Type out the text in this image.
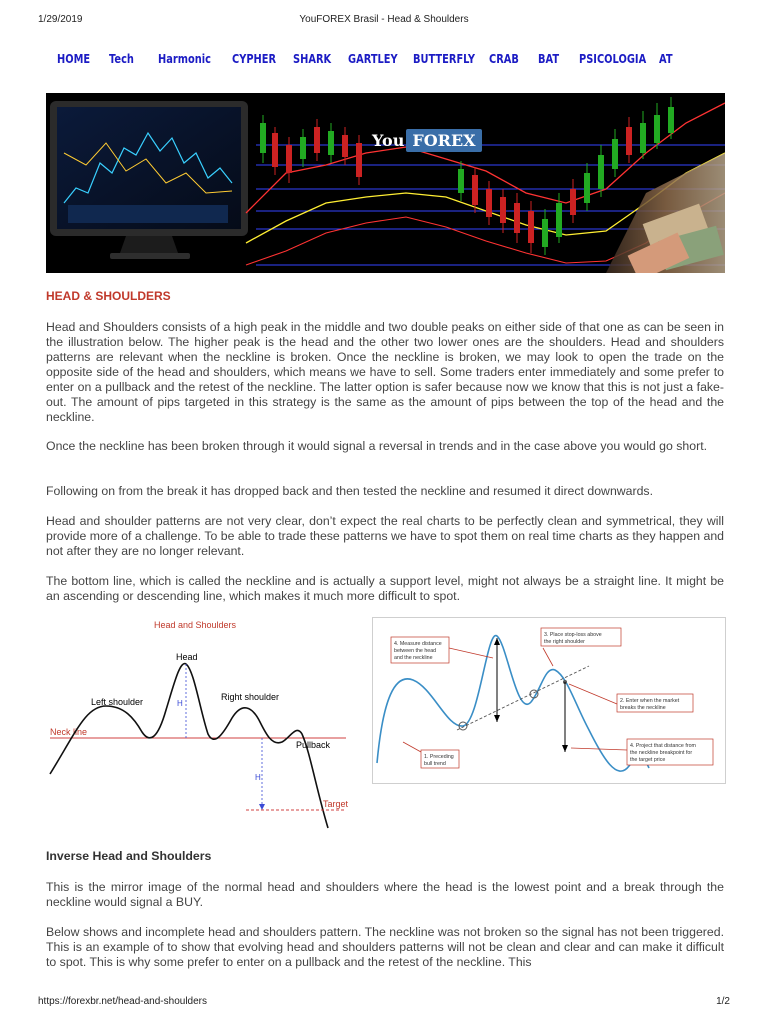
1/29/2019	YouFOREX Brasil - Head & Shoulders
HOME Tech Harmonic CYPHER SHARK GARTLEY BUTTERFLY CRAB BAT PSICOLOGIA AT
You FOREX
HEAD & SHOULDERS

Head and Shoulders consists of a high peak in the middle and two double peaks on either side of that one as can be seen in the illustration below. The higher peak is the head and the other two lower ones are the shoulders. Head and shoulders patterns are relevant when the neckline is broken. Once the neckline is broken, we may look to open the trade on the opposite side of the head and shoulders, which means we have to sell. Some traders enter immediately and some prefer to enter on a pullback and the retest of the neckline. The latter option is safer because now we know that this is not just a fake-out. The amount of pips targeted in this strategy is the same as the amount of pips between the top of the head and the neckline.

Once the neckline has been broken through it would signal a reversal in trends and in the case above you would go short.

Following on from the break it has dropped back and then tested the neckline and resumed it direct downwards.

Head and shoulder patterns are not very clear, don’t expect the real charts to be perfectly clean and symmetrical, they will provide more of a challenge. To be able to trade these patterns we have to spot them on real time charts as they happen and not after they are no longer relevant.

The bottom line, which is called the neckline and is actually a support level, might not always be a straight line. It might be an ascending or descending line, which makes it much more difficult to spot.

Head and Shoulders
Head
Left shoulder	Right shoulder
Neck line
Pullback
H
H
Target
4. Measure distance
between the head
and the neckline
3. Place stop-loss above
the right shoulder
2. Enter when the market
breaks the neckline
4. Project that distance from
the neckline breakpoint for
the target price
1. Preceding
bull trend
Inverse Head and Shoulders

This is the mirror image of the normal head and shoulders where the head is the lowest point and a break through the neckline would signal a BUY.

Below shows and incomplete head and shoulders pattern. The neckline was not broken so the signal has not been triggered. This is an example of to show that evolving head and shoulders patterns will not be clean and clear and can make it difficult to spot. This is why some prefer to enter on a pullback and the retest of the neckline. This

https://forexbr.net/head-and-shoulders	1/2
